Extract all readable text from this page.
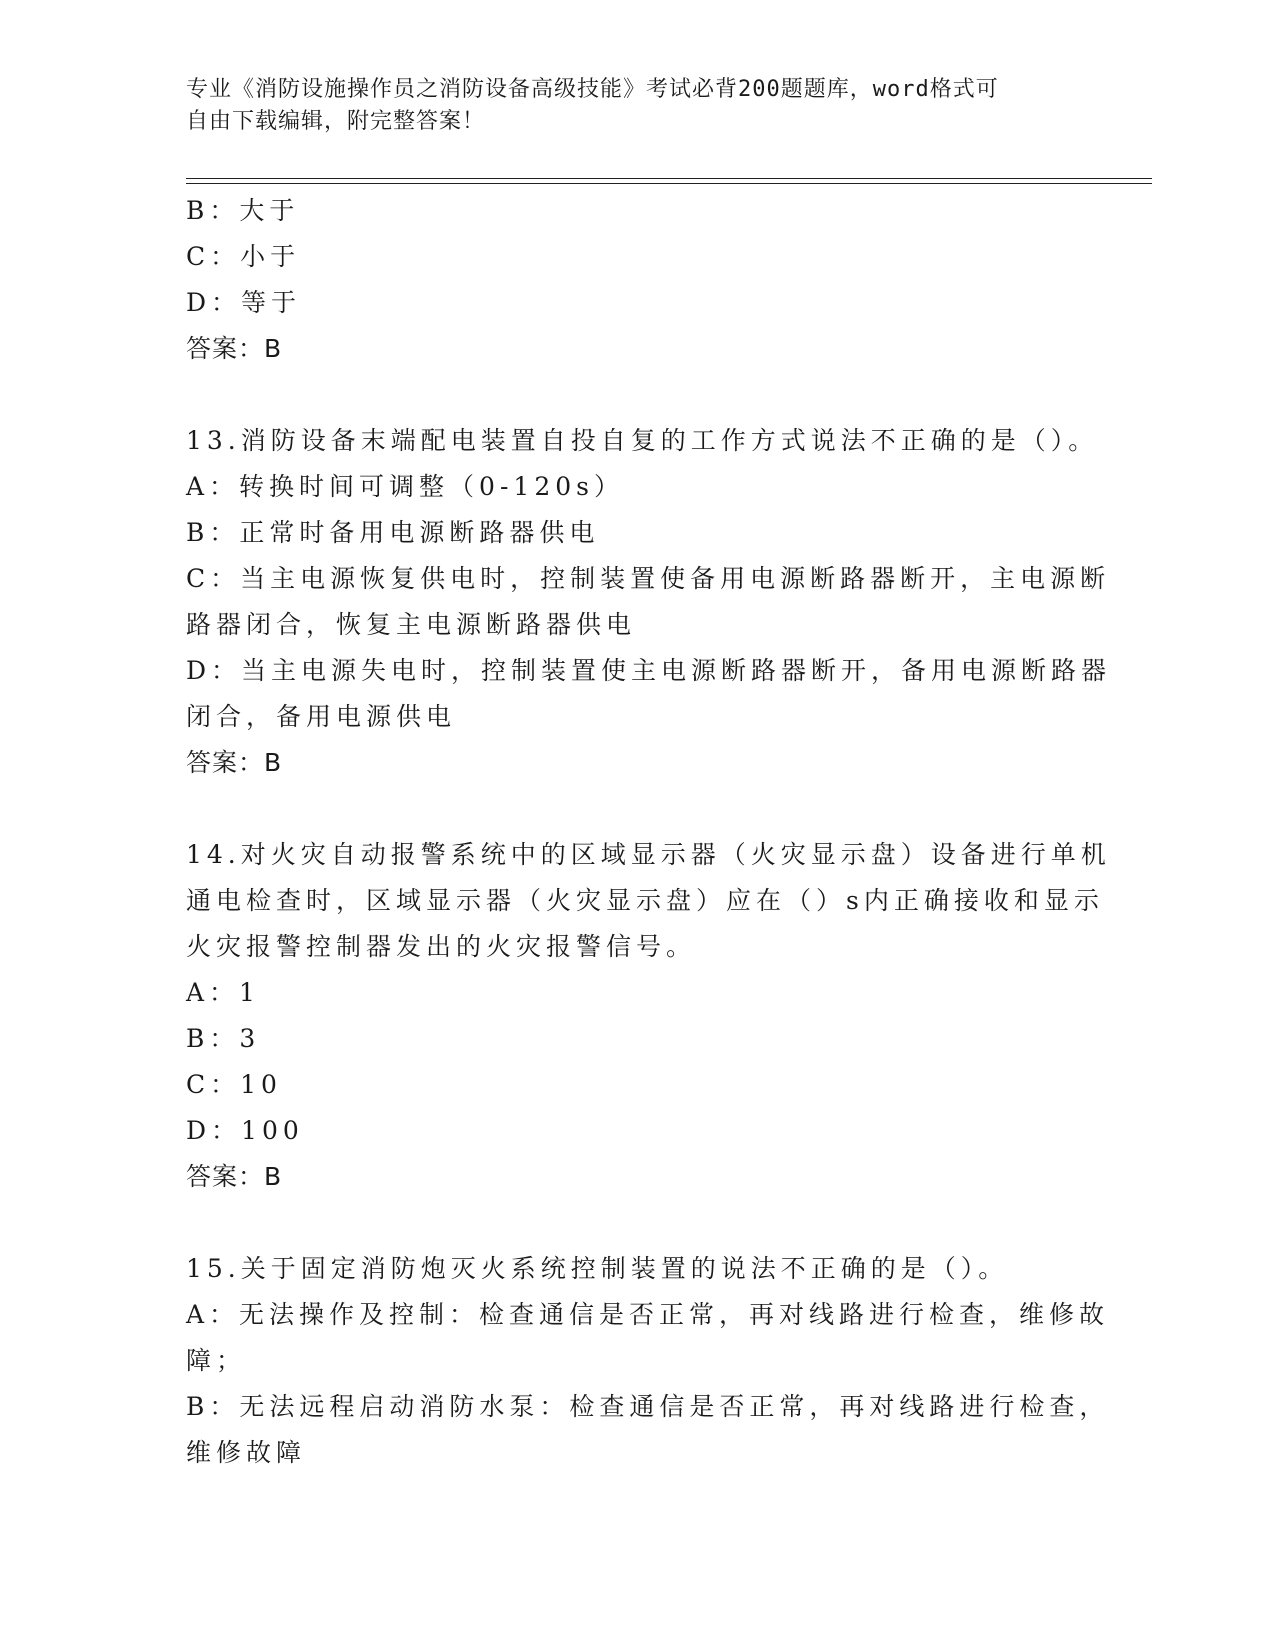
专业《消防设施操作员之消防设备高级技能》考试必背200题题库，word格式可
自由下载编辑，附完整答案！
B：大于
C：小于
D：等于
答案：B
13.消防设备末端配电装置自投自复的工作方式说法不正确的是（）。
A：转换时间可调整（0-120s）
B：正常时备用电源断路器供电
C：当主电源恢复供电时，控制装置使备用电源断路器断开，主电源断
路器闭合，恢复主电源断路器供电
D：当主电源失电时，控制装置使主电源断路器断开，备用电源断路器
闭合，备用电源供电
答案：B
14.对火灾自动报警系统中的区域显示器（火灾显示盘）设备进行单机
通电检查时，区域显示器（火灾显示盘）应在（）s内正确接收和显示
火灾报警控制器发出的火灾报警信号。
A：1
B：3
C：10
D：100
答案：B
15.关于固定消防炮灭火系统控制装置的说法不正确的是（）。
A：无法操作及控制：检查通信是否正常，再对线路进行检查，维修故
障；
B：无法远程启动消防水泵：检查通信是否正常，再对线路进行检查，
维修故障
